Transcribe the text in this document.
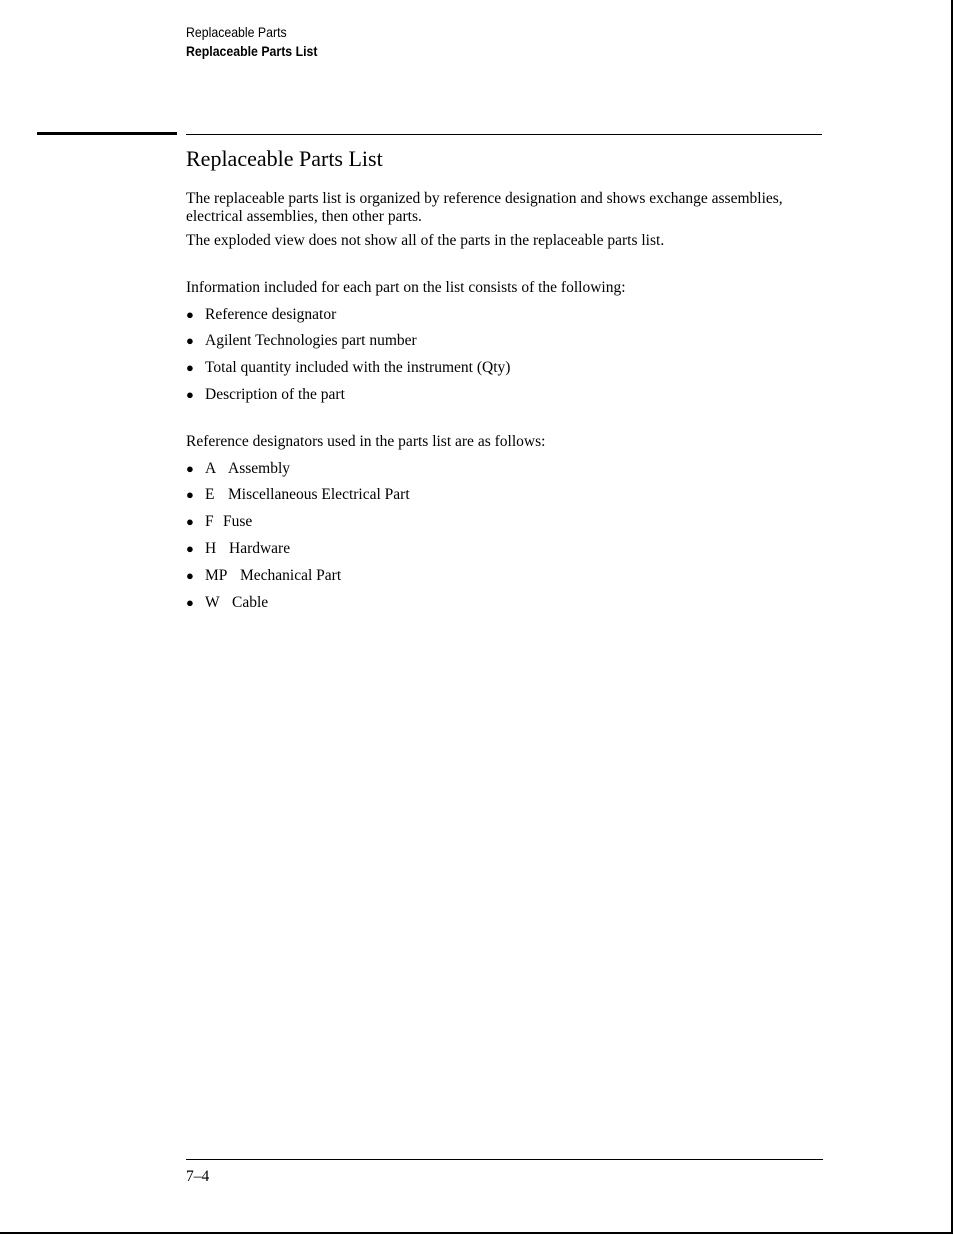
Replaceable Parts
Replaceable Parts List
Replaceable Parts List

The replaceable parts list is organized by reference designation and shows exchange assemblies, electrical assemblies, then other parts.

The exploded view does not show all of the parts in the replaceable parts list.

Information included for each part on the list consists of the following:

● Reference designator
● Agilent Technologies part number
● Total quantity included with the instrument (Qty)
● Description of the part

Reference designators used in the parts list are as follows:

● A Assembly
● E Miscellaneous Electrical Part
● F Fuse
● H Hardware
● MP Mechanical Part
● W Cable
7–4
